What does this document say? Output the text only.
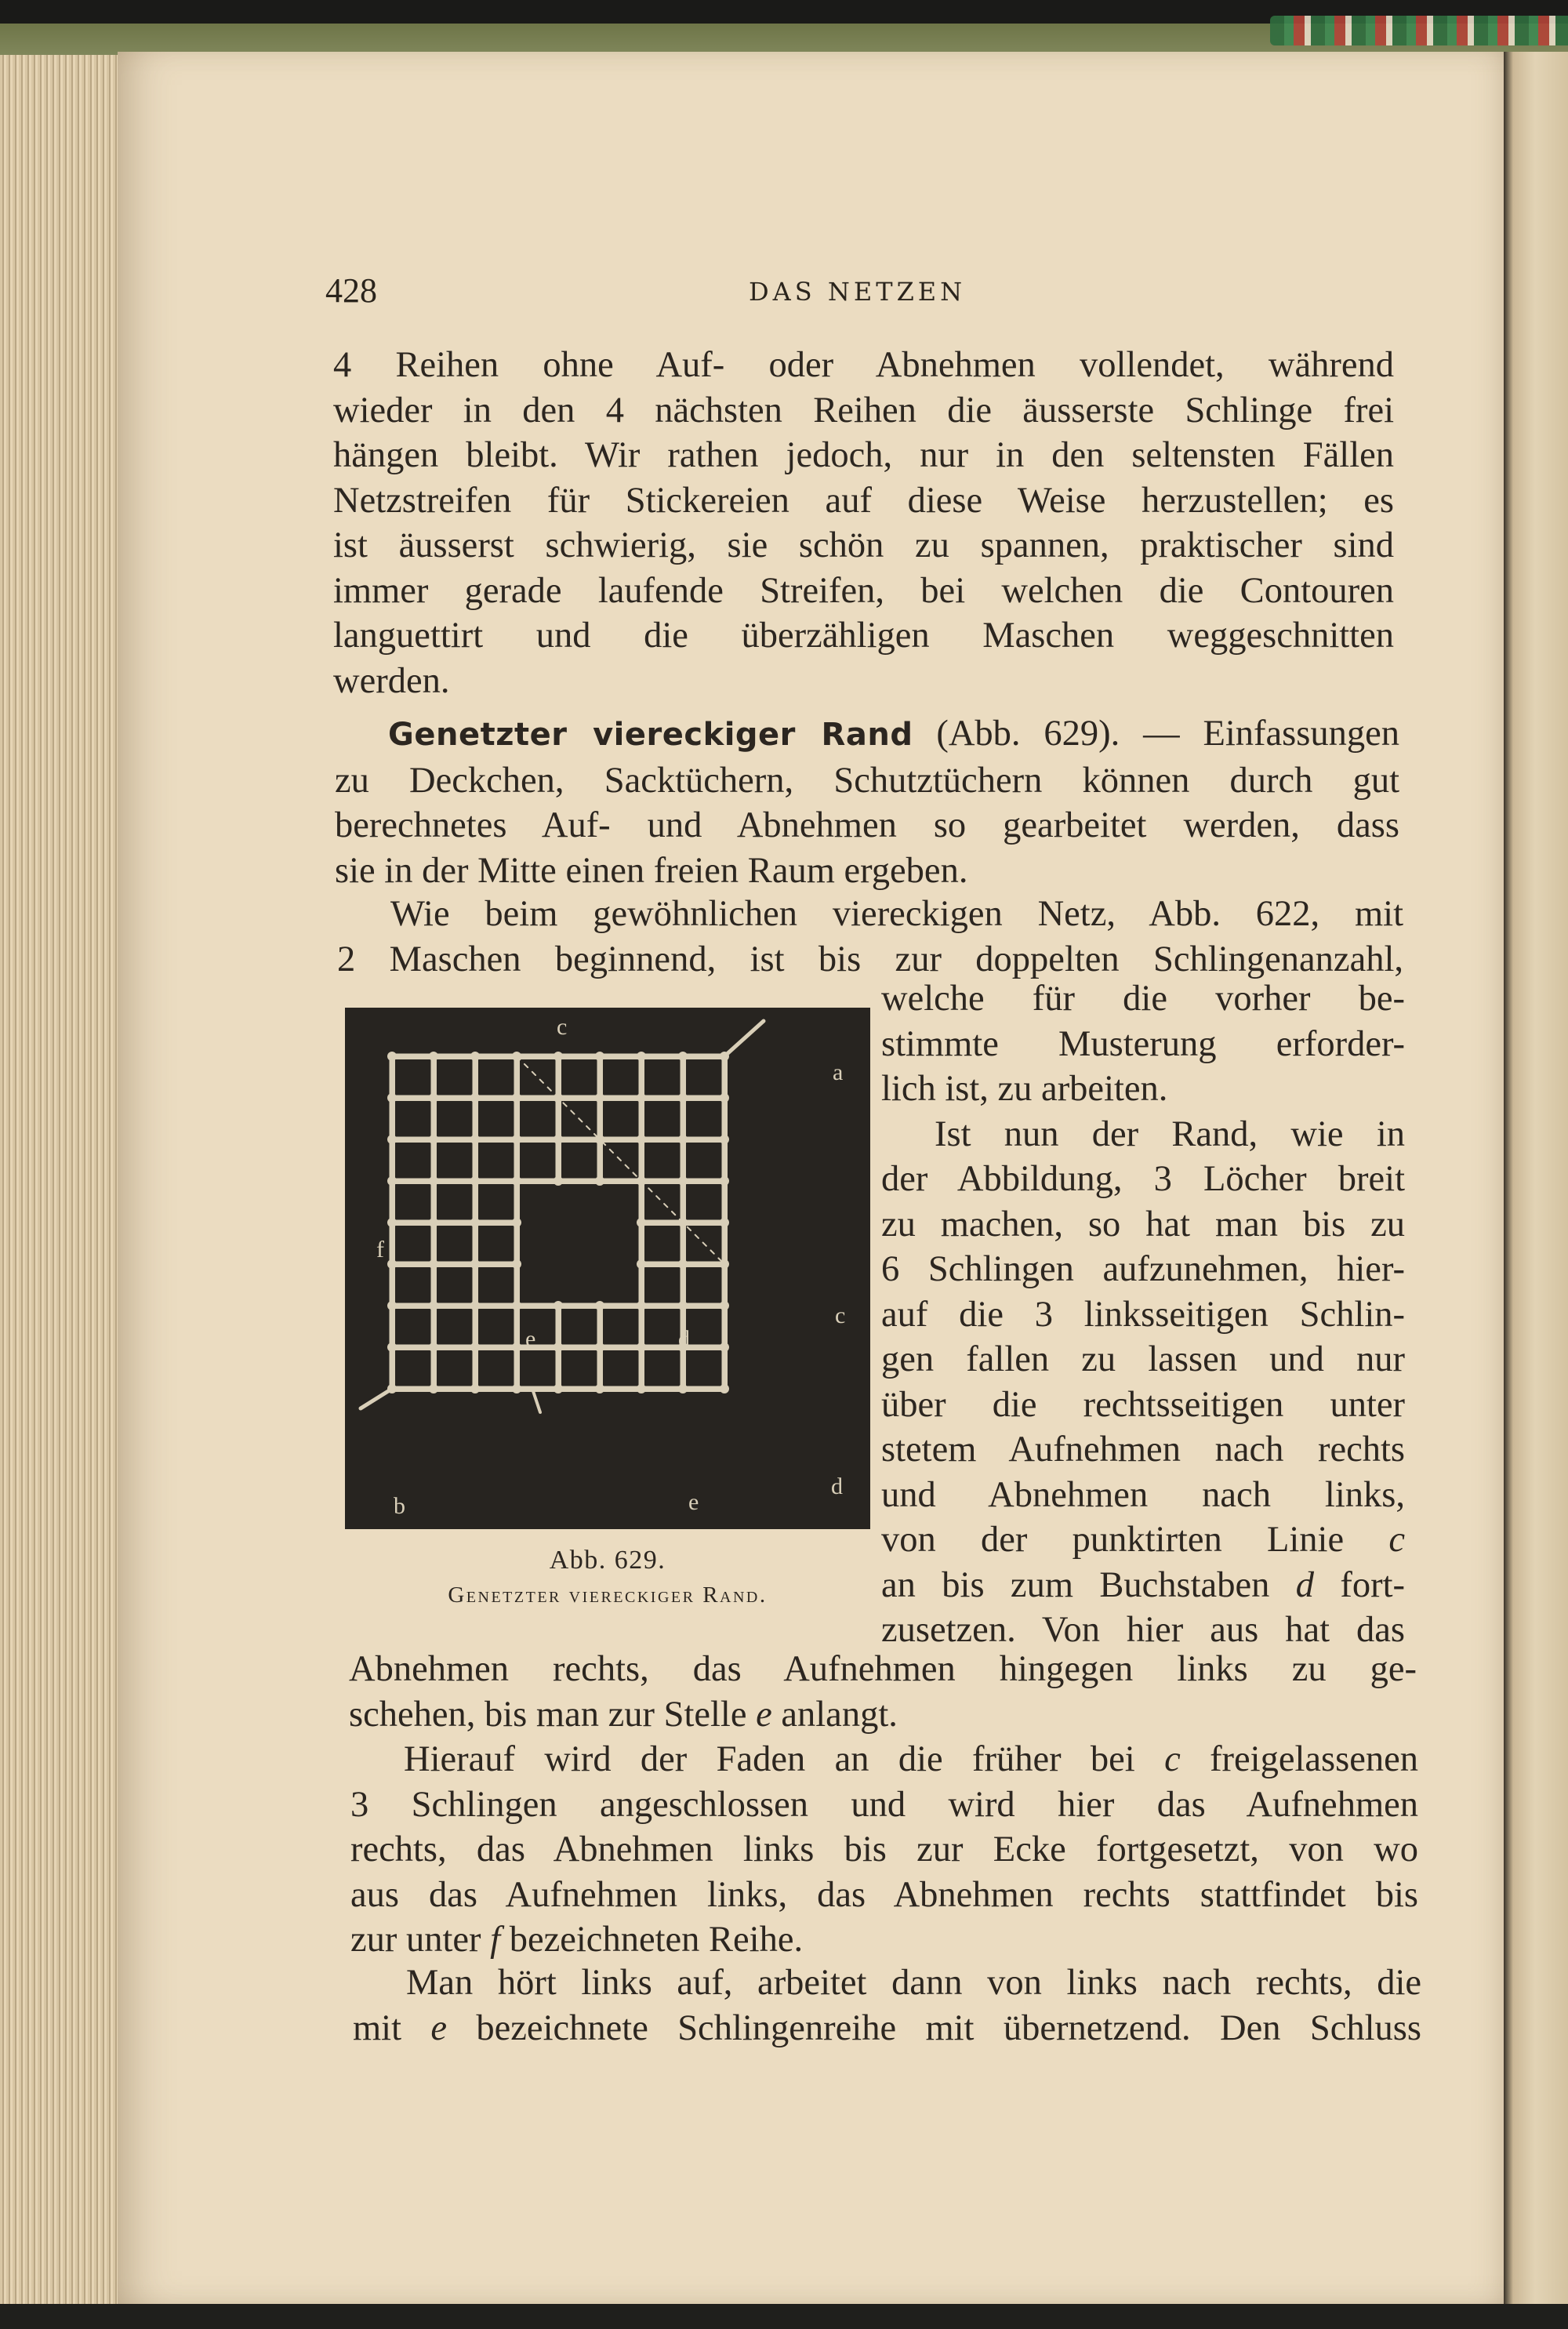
428	DAS NETZEN
4 Reihen ohne Auf- oder Abnehmen vollendet, während
wieder in den 4 nächsten Reihen die äusserste Schlinge frei
hängen bleibt. Wir rathen jedoch, nur in den seltensten Fällen
Netzstreifen für Stickereien auf diese Weise herzustellen; es
ist äusserst schwierig, sie schön zu spannen, praktischer sind
immer gerade laufende Streifen, bei welchen die Contouren
languettirt und die überzähligen Maschen weggeschnitten
werden.
Genetzter viereckiger Rand (Abb. 629). — Einfassungen
zu Deckchen, Sacktüchern, Schutztüchern können durch gut
berechnetes Auf- und Abnehmen so gearbeitet werden, dass
sie in der Mitte einen freien Raum ergeben.
Wie beim gewöhnlichen viereckigen Netz, Abb. 622, mit
2 Maschen beginnend, ist bis zur doppelten Schlingenanzahl,
welche für die vorher be-
stimmte Musterung erforder-
lich ist, zu arbeiten.
Ist nun der Rand, wie in
der Abbildung, 3 Löcher breit
zu machen, so hat man bis zu
6 Schlingen aufzunehmen, hier-
auf die 3 linksseitigen Schlin-
gen fallen zu lassen und nur
über die rechtsseitigen unter
stetem Aufnehmen nach rechts
und Abnehmen nach links,
von der punktirten Linie c
an bis zum Buchstaben d fort-
zusetzen. Von hier aus hat das
c
a
f
c
e	d
b	e
d
Abb. 629.
Genetzter viereckiger Rand.
Abnehmen rechts, das Aufnehmen hingegen links zu ge-
schehen, bis man zur Stelle e anlangt.
Hierauf wird der Faden an die früher bei c freigelassenen
3 Schlingen angeschlossen und wird hier das Aufnehmen
rechts, das Abnehmen links bis zur Ecke fortgesetzt, von wo
aus das Aufnehmen links, das Abnehmen rechts stattfindet bis
zur unter f bezeichneten Reihe.
Man hört links auf, arbeitet dann von links nach rechts, die
mit e bezeichnete Schlingenreihe mit übernetzend. Den Schluss
